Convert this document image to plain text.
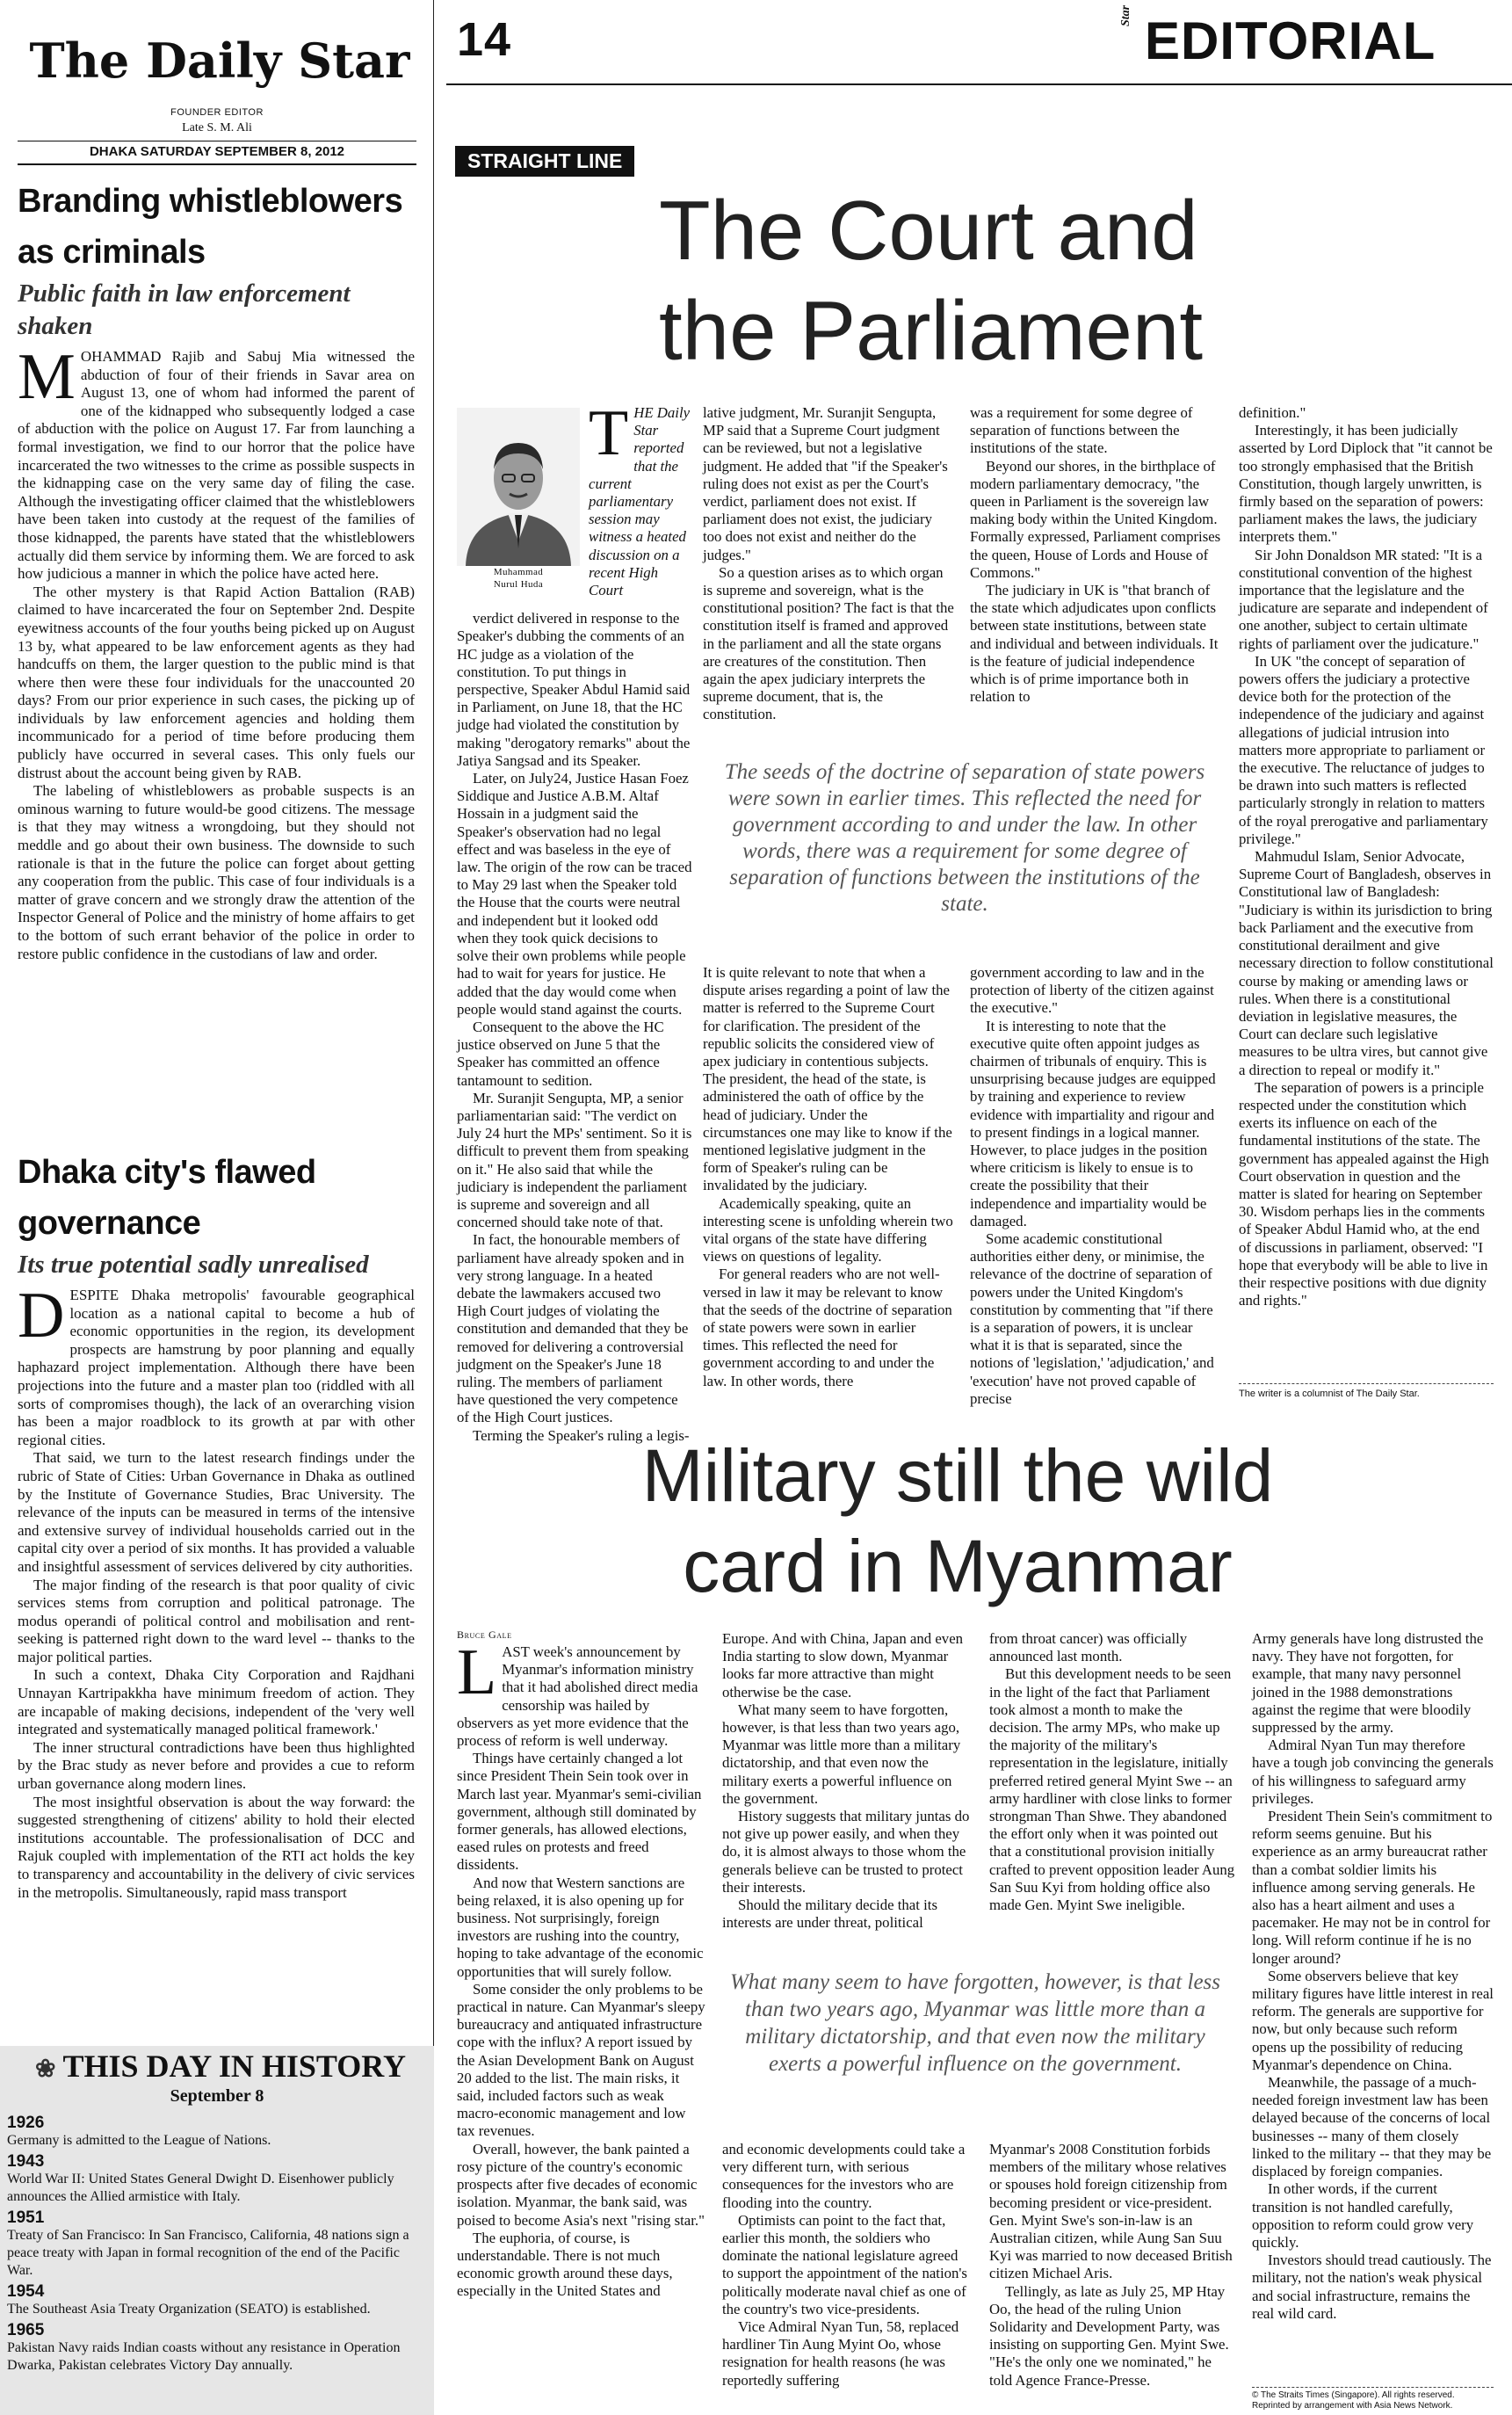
The Daily Star
FOUNDER EDITOR
Late S. M. Ali
DHAKA SATURDAY SEPTEMBER 8, 2012
Branding whistleblowers
as criminals
Public faith in law enforcement shaken

MOHAMMAD Rajib and Sabuj Mia witnessed the abduction of four of their friends in Savar area on August 13, one of whom had informed the parent of one of the kidnapped who subsequently lodged a case of abduction with the police on August 17. Far from launching a formal investigation, we find to our horror that the police have incarcerated the two witnesses to the crime as possible suspects in the kidnapping case on the very same day of filing the case. Although the investigating officer claimed that the whistleblowers have been taken into custody at the request of the families of those kidnapped, the parents have stated that the whistleblowers actually did them service by informing them. We are forced to ask how judicious a manner in which the police have acted here.

The other mystery is that Rapid Action Battalion (RAB) claimed to have incarcerated the four on September 2nd. Despite eyewitness accounts of the four youths being picked up on August 13 by, what appeared to be law enforcement agents as they had handcuffs on them, the larger question to the public mind is that where then were these four individuals for the unaccounted 20 days? From our prior experience in such cases, the picking up of individuals by law enforcement agencies and holding them incommunicado for a period of time before producing them publicly have occurred in several cases. This only fuels our distrust about the account being given by RAB.

The labeling of whistleblowers as probable suspects is an ominous warning to future would-be good citizens. The message is that they may witness a wrongdoing, but they should not meddle and go about their own business. The downside to such rationale is that in the future the police can forget about getting any cooperation from the public. This case of four individuals is a matter of grave concern and we strongly draw the attention of the Inspector General of Police and the ministry of home affairs to get to the bottom of such errant behavior of the police in order to restore public confidence in the custodians of law and order.

Dhaka city's flawed
governance
Its true potential sadly unrealised

DESPITE Dhaka metropolis' favourable geographical location as a national capital to become a hub of economic opportunities in the region, its development prospects are hamstrung by poor planning and equally haphazard project implementation. Although there have been projections into the future and a master plan too (riddled with all sorts of compromises though), the lack of an overarching vision has been a major roadblock to its growth at par with other regional cities.

That said, we turn to the latest research findings under the rubric of State of Cities: Urban Governance in Dhaka as outlined by the Institute of Governance Studies, Brac University. The relevance of the inputs can be measured in terms of the intensive and extensive survey of individual households carried out in the capital city over a period of six months. It has provided a valuable and insightful assessment of services delivered by city authorities.

The major finding of the research is that poor quality of civic services stems from corruption and political patronage. The modus operandi of political control and mobilisation and rent-seeking is patterned right down to the ward level -- thanks to the major political parties.

In such a context, Dhaka City Corporation and Rajdhani Unnayan Kartripakkha have minimum freedom of action. They are incapable of making decisions, independent of the 'very well integrated and systematically managed political framework.'

The inner structural contradictions have been thus highlighted by the Brac study as never before and provides a cue to reform urban governance along modern lines.

The most insightful observation is about the way forward: the suggested strengthening of citizens' ability to hold their elected institutions accountable. The professionalisation of DCC and Rajuk coupled with implementation of the RTI act holds the key to transparency and accountability in the delivery of civic services in the metropolis. Simultaneously, rapid mass transport

❀ THIS DAY IN HISTORY
September 8
1926
Germany is admitted to the League of Nations.
1943
World War II: United States General Dwight D. Eisenhower publicly announces the Allied armistice with Italy.
1951
Treaty of San Francisco: In San Francisco, California, 48 nations sign a peace treaty with Japan in formal recognition of the end of the Pacific War.
1954
The Southeast Asia Treaty Organization (SEATO) is established.
1965
Pakistan Navy raids Indian coasts without any resistance in Operation Dwarka, Pakistan celebrates Victory Day annually.
14	Star EDITORIAL
STRAIGHT LINE
The Court and
the Parliament
Muhammad
Nurul Huda

THE Daily Star reported that the current parliamentary session may witness a heated discussion on a recent High Court

verdict delivered in response to the Speaker's dubbing the comments of an HC judge as a violation of the constitution. To put things in perspective, Speaker Abdul Hamid said in Parliament, on June 18, that the HC judge had violated the constitution by making "derogatory remarks" about the Jatiya Sangsad and its Speaker.

Later, on July24, Justice Hasan Foez Siddique and Justice A.B.M. Altaf Hossain in a judgment said the Speaker's observation had no legal effect and was baseless in the eye of law. The origin of the row can be traced to May 29 last when the Speaker told the House that the courts were neutral and independent but it looked odd when they took quick decisions to solve their own problems while people had to wait for years for justice. He added that the day would come when people would stand against the courts.

Consequent to the above the HC justice observed on June 5 that the Speaker has committed an offence tantamount to sedition.

Mr. Suranjit Sengupta, MP, a senior parliamentarian said: "The verdict on July 24 hurt the MPs' sentiment. So it is difficult to prevent them from speaking on it." He also said that while the judiciary is independent the parliament is supreme and sovereign and all concerned should take note of that.

In fact, the honourable members of parliament have already spoken and in very strong language. In a heated debate the lawmakers accused two High Court judges of violating the constitution and demanded that they be removed for delivering a controversial judgment on the Speaker's June 18 ruling. The members of parliament have questioned the very competence of the High Court justices.

Terming the Speaker's ruling a legis-

lative judgment, Mr. Suranjit Sengupta, MP said that a Supreme Court judgment can be reviewed, but not a legislative judgment. He added that "if the Speaker's ruling does not exist as per the Court's verdict, parliament does not exist. If parliament does not exist, the judiciary too does not exist and neither do the judges."

So a question arises as to which organ is supreme and sovereign, what is the constitutional position? The fact is that the constitution itself is framed and approved in the parliament and all the state organs are creatures of the constitution. Then again the apex judiciary interprets the supreme document, that is, the constitution.

was a requirement for some degree of separation of functions between the institutions of the state.

Beyond our shores, in the birthplace of modern parliamentary democracy, "the queen in Parliament is the sovereign law making body within the United Kingdom. Formally expressed, Parliament comprises the queen, House of Lords and House of Commons."

The judiciary in UK is "that branch of the state which adjudicates upon conflicts between state institutions, between state and individual and between individuals. It is the feature of judicial independence which is of prime importance both in relation to

definition."

Interestingly, it has been judicially asserted by Lord Diplock that "it cannot be too strongly emphasised that the British Constitution, though largely unwritten, is firmly based on the separation of powers: parliament makes the laws, the judiciary interprets them."

Sir John Donaldson MR stated: "It is a constitutional convention of the highest importance that the legislature and the judicature are separate and independent of one another, subject to certain ultimate rights of parliament over the judicature."

In UK "the concept of separation of powers offers the judiciary a protective device both for the protection of the independence of the judiciary and against allegations of judicial intrusion into matters more appropriate to parliament or the executive. The reluctance of judges to be drawn into such matters is reflected particularly strongly in relation to matters of the royal prerogative and parliamentary privilege."

Mahmudul Islam, Senior Advocate, Supreme Court of Bangladesh, observes in Constitutional law of Bangladesh: "Judiciary is within its jurisdiction to bring back Parliament and the executive from constitutional derailment and give necessary direction to follow constitutional course by making or amending laws or rules. When there is a constitutional deviation in legislative measures, the Court can declare such legislative measures to be ultra vires, but cannot give a direction to repeal or modify it."

The separation of powers is a principle respected under the constitution which exerts its influence on each of the fundamental institutions of the state. The government has appealed against the High Court observation in question and the matter is slated for hearing on September 30. Wisdom perhaps lies in the comments of Speaker Abdul Hamid who, at the end of discussions in parliament, observed: "I hope that everybody will be able to live in their respective positions with due dignity and rights."

The seeds of the doctrine of separation of state powers were sown in earlier times. This reflected the need for government according to and under the law. In other words, there was a requirement for some degree of separation of functions between the institutions of the state.

It is quite relevant to note that when a dispute arises regarding a point of law the matter is referred to the Supreme Court for clarification. The president of the republic solicits the considered view of apex judiciary in contentious subjects. The president, the head of the state, is administered the oath of office by the head of judiciary. Under the circumstances one may like to know if the mentioned legislative judgment in the form of Speaker's ruling can be invalidated by the judiciary.

Academically speaking, quite an interesting scene is unfolding wherein two vital organs of the state have differing views on questions of legality.

For general readers who are not well-versed in law it may be relevant to know that the seeds of the doctrine of separation of state powers were sown in earlier times. This reflected the need for government according to and under the law. In other words, there

government according to law and in the protection of liberty of the citizen against the executive."

It is interesting to note that the executive quite often appoint judges as chairmen of tribunals of enquiry. This is unsurprising because judges are equipped by training and experience to review evidence with impartiality and rigour and to present findings in a logical manner. However, to place judges in the position where criticism is likely to ensue is to create the possibility that their independence and impartiality would be damaged.

Some academic constitutional authorities either deny, or minimise, the relevance of the doctrine of separation of powers under the United Kingdom's constitution by commenting that "if there is a separation of powers, it is unclear what it is that is separated, since the notions of 'legislation,' 'adjudication,' and 'execution' have not proved capable of precise	The writer is a columnist of The Daily Star.
Military still the wild
card in Myanmar
Bruce Gale

LAST week's announcement by Myanmar's information ministry that it had abolished direct media censorship was hailed by observers as yet more evidence that the process of reform is well underway.

Things have certainly changed a lot since President Thein Sein took over in March last year. Myanmar's semi-civilian government, although still dominated by former generals, has allowed elections, eased rules on protests and freed dissidents.

And now that Western sanctions are being relaxed, it is also opening up for business. Not surprisingly, foreign investors are rushing into the country, hoping to take advantage of the economic opportunities that will surely follow.

Some consider the only problems to be practical in nature. Can Myanmar's sleepy bureaucracy and antiquated infrastructure cope with the influx? A report issued by the Asian Development Bank on August 20 added to the list. The main risks, it said, included factors such as weak macro-economic management and low tax revenues.

Overall, however, the bank painted a rosy picture of the country's economic prospects after five decades of economic isolation. Myanmar, the bank said, was poised to become Asia's next "rising star."

The euphoria, of course, is understandable. There is not much economic growth around these days, especially in the United States and

Europe. And with China, Japan and even India starting to slow down, Myanmar looks far more attractive than might otherwise be the case.

What many seem to have forgotten, however, is that less than two years ago, Myanmar was little more than a military dictatorship, and that even now the military exerts a powerful influence on the government.

History suggests that military juntas do not give up power easily, and when they do, it is almost always to those whom the generals believe can be trusted to protect their interests.

Should the military decide that its interests are under threat, political

from throat cancer) was officially announced last month.

But this development needs to be seen in the light of the fact that Parliament took almost a month to make the decision. The army MPs, who make up the majority of the military's representation in the legislature, initially preferred retired general Myint Swe -- an army hardliner with close links to former strongman Than Shwe. They abandoned the effort only when it was pointed out that a constitutional provision initially crafted to prevent opposition leader Aung San Suu Kyi from holding office also made Gen. Myint Swe ineligible.

Army generals have long distrusted the navy. They have not forgotten, for example, that many navy personnel joined in the 1988 demonstrations against the regime that were bloodily suppressed by the army.

Admiral Nyan Tun may therefore have a tough job convincing the generals of his willingness to safeguard army privileges.

President Thein Sein's commitment to reform seems genuine. But his experience as an army bureaucrat rather than a combat soldier limits his influence among serving generals. He also has a heart ailment and uses a pacemaker. He may not be in control for long. Will reform continue if he is no longer around?

Some observers believe that key military figures have little interest in real reform. The generals are supportive for now, but only because such reform opens up the possibility of reducing Myanmar's dependence on China.

Meanwhile, the passage of a much-needed foreign investment law has been delayed because of the concerns of local businesses -- many of them closely linked to the military -- that they may be displaced by foreign companies.

In other words, if the current transition is not handled carefully, opposition to reform could grow very quickly.

Investors should tread cautiously. The military, not the nation's weak physical and social infrastructure, remains the real wild card.

What many seem to have forgotten, however, is that less than two years ago, Myanmar was little more than a military dictatorship, and that even now the military exerts a powerful influence on the government.

and economic developments could take a very different turn, with serious consequences for the investors who are flooding into the country.

Optimists can point to the fact that, earlier this month, the soldiers who dominate the national legislature agreed to support the appointment of the nation's politically moderate naval chief as one of the country's two vice-presidents.

Vice Admiral Nyan Tun, 58, replaced hardliner Tin Aung Myint Oo, whose resignation for health reasons (he was reportedly suffering

Myanmar's 2008 Constitution forbids members of the military whose relatives or spouses hold foreign citizenship from becoming president or vice-president. Gen. Myint Swe's son-in-law is an Australian citizen, while Aung San Suu Kyi was married to now deceased British citizen Michael Aris.

Tellingly, as late as July 25, MP Htay Oo, the head of the ruling Union Solidarity and Development Party, was insisting on supporting Gen. Myint Swe. "He's the only one we nominated," he told Agence France-Presse.

© The Straits Times (Singapore). All rights reserved.
Reprinted by arrangement with Asia News Network.
